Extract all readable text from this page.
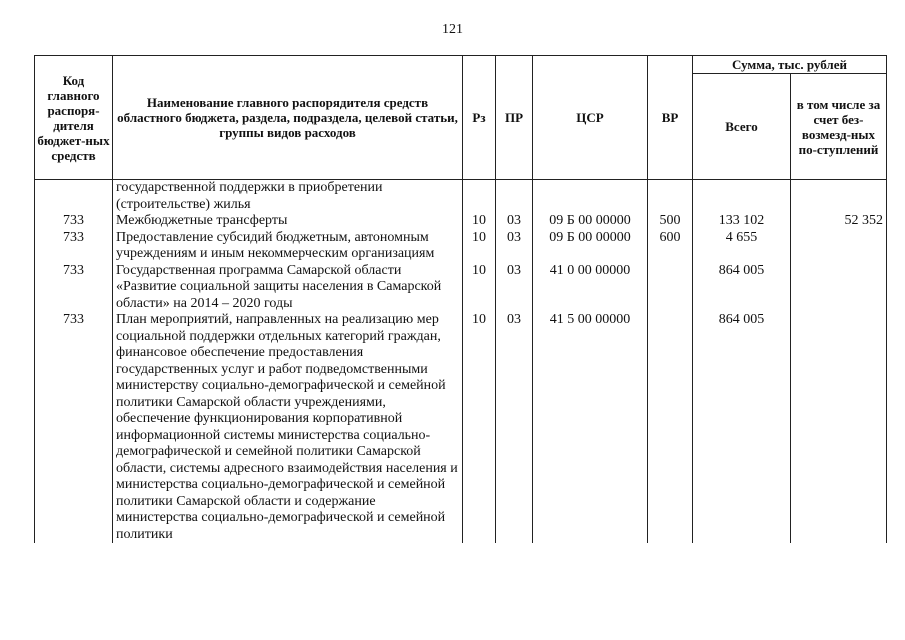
121
Код главного распоря-дителя бюджет-ных средств	Наименование главного распорядителя средств областного бюджета, раздела, подраздела, целевой статьи, группы видов расходов	Рз	ПР	ЦСР	ВР	Сумма, тыс. рублей	
						Всего	в том числе за счет без-возмезд-ных по-ступлений
	государственной поддержки в приобретении (строительстве) жилья						
733	Межбюджетные трансферты	10	03	09 Б 00 00000	500	133 102	52 352
733	Предоставление субсидий бюджетным, автономным учреждениям и иным некоммерческим организациям	10	03	09 Б 00 00000	600	4 655	
733	Государственная программа Самарской области «Развитие социальной защиты населения в Самарской области» на 2014 – 2020 годы	10	03	41 0 00 00000		864 005	
733	План мероприятий, направленных на реализацию мер социальной поддержки отдельных категорий граждан, финансовое обеспечение предоставления государственных услуг и работ подведомственными министерству социально-демографической и семейной политики Самарской области учреждениями, обеспечение функционирования корпоративной информационной системы министерства социально-демографической и семейной политики Самарской области, системы адресного взаимодействия населения и министерства социально-демографической и семейной политики Самарской области и содержание министерства социально-демографической и семейной политики	10	03	41 5 00 00000		864 005	
